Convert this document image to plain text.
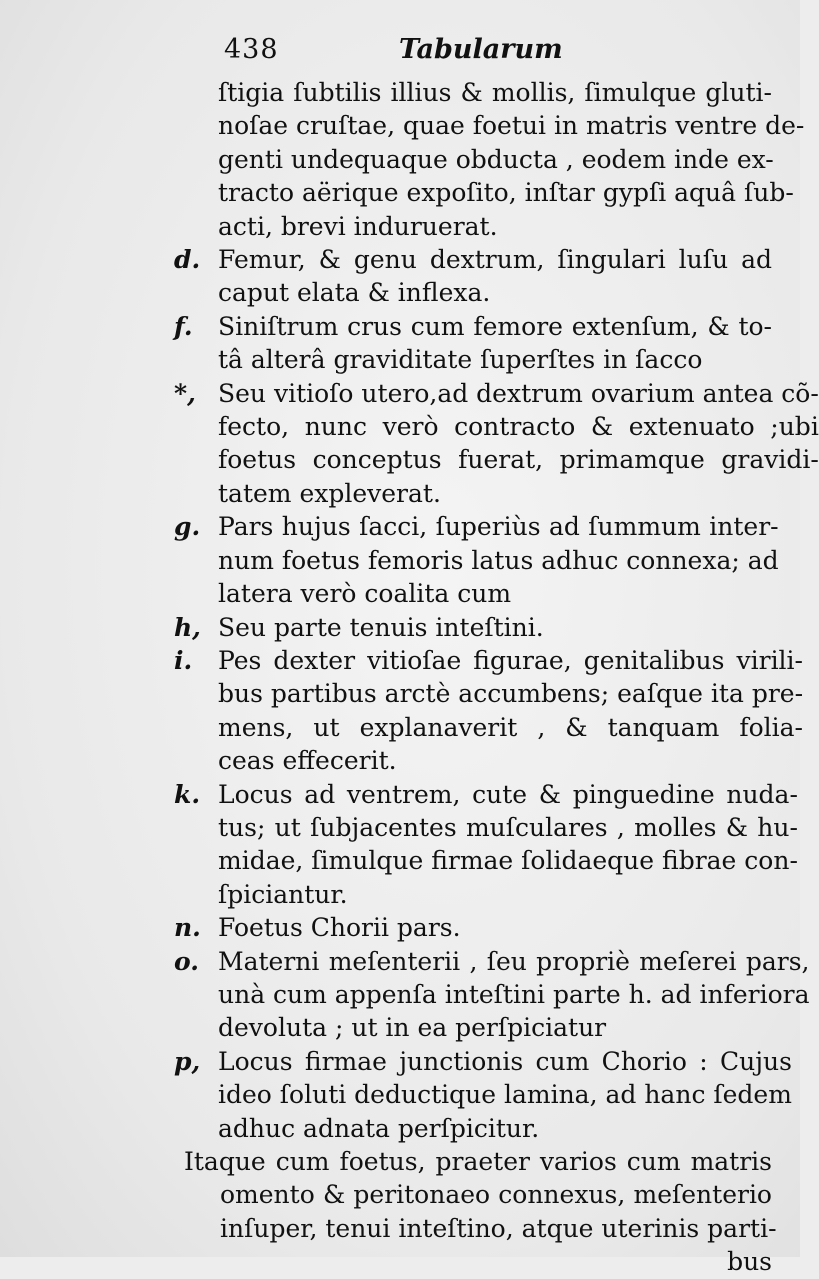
438	Tabularum
ſtigia ſubtilis illius & mollis, ſimulque gluti-
noſae cruſtae, quae foetui in matris ventre de-
genti undequaque obducta , eodem inde ex-
tracto aërique expoſito, inſtar gypſi aquâ ſub-
acti, brevi induruerat.
d. Femur, & genu dextrum, ſingulari luſu ad
caput elata & inflexa.
f.	Siniſtrum crus cum femore extenſum, & to-
tâ alterâ graviditate ſuperſtes in ſacco
*, Seu vitioſo utero,ad dextrum ovarium antea cõ-
fecto, nunc verò contracto & extenuato ;ubi
foetus conceptus fuerat, primamque gravidi-
tatem expleverat.
g. Pars hujus ſacci, ſuperiùs ad ſummum inter-
num foetus femoris latus adhuc connexa; ad
latera verò coalita cum
h, Seu parte tenuis inteſtini.
i.	Pes dexter vitioſae figurae, genitalibus virili-
bus partibus arctè accumbens; eaſque ita pre-
mens, ut explanaverit , & tanquam folia-
ceas effecerit.
k. Locus ad ventrem, cute & pinguedine nuda-
tus; ut ſubjacentes muſculares , molles & hu-
midae, ſimulque firmae ſolidaeque fibrae con-
ſpiciantur.
n. Foetus Chorii pars.
o. Materni meſenterii , ſeu propriè meſerei pars,
unà cum appenſa inteſtini parte h. ad inferiora
devoluta ; ut in ea perſpiciatur
p, Locus firmae junctionis cum Chorio : Cujus
ideo ſoluti deductique lamina, ad hanc ſedem
adhuc adnata perſpicitur.
Itaque cum foetus, praeter varios cum matris
omento & peritonaeo connexus, meſenterio
inſuper, tenui inteſtino, atque uterinis parti-
bus
